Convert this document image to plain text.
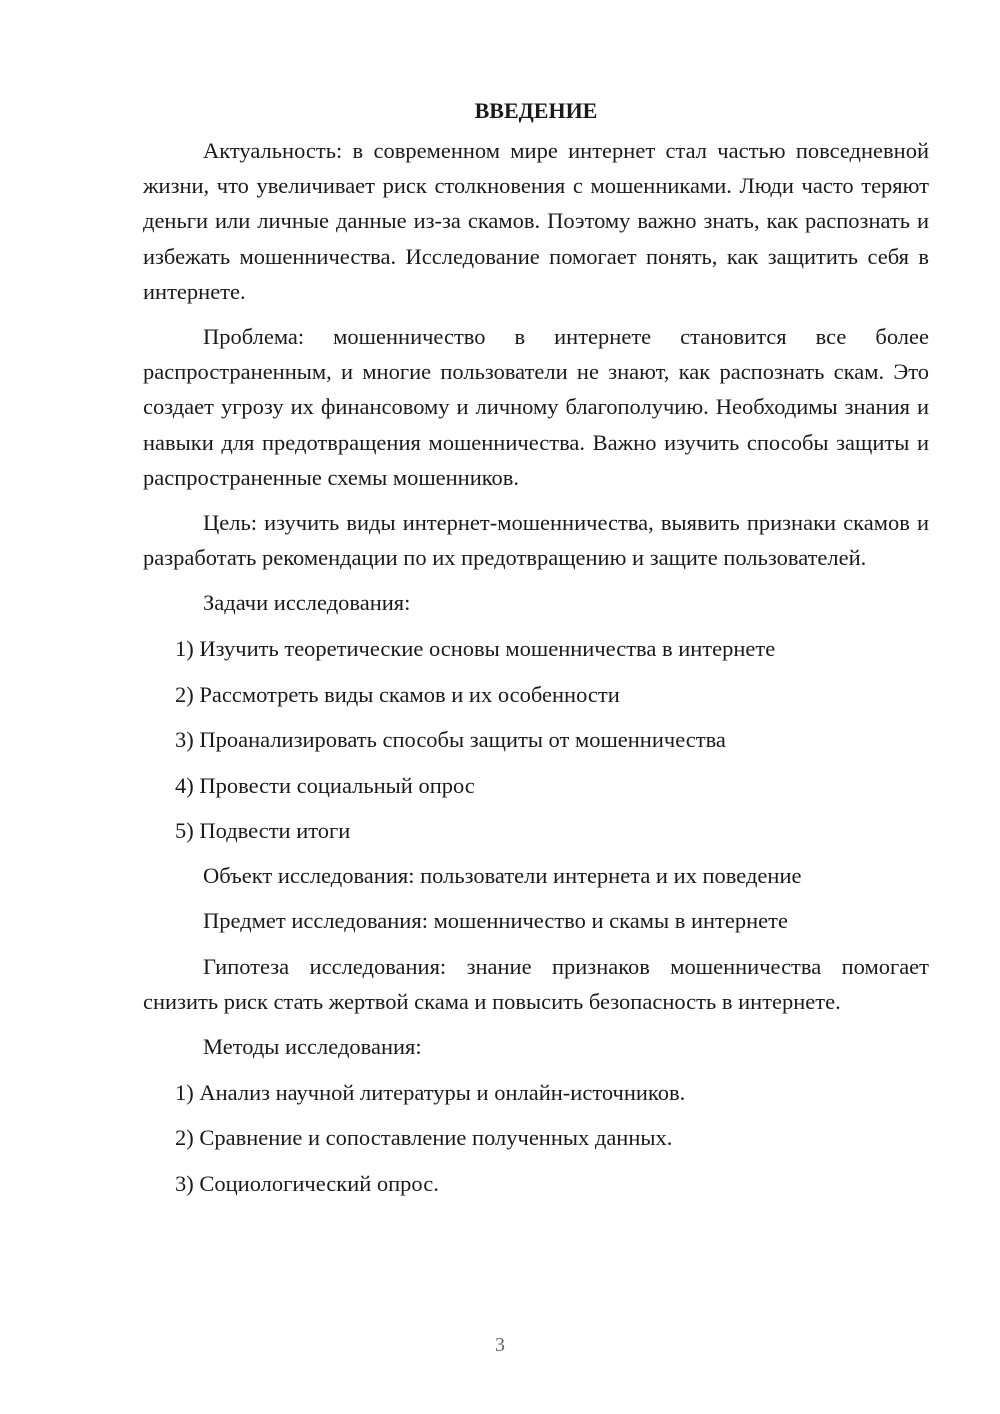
ВВЕДЕНИЕ

Актуальность: в современном мире интернет стал частью повседневной жизни, что увеличивает риск столкновения с мошенниками. Люди часто теряют деньги или личные данные из-за скамов. Поэтому важно знать, как распознать и избежать мошенничества. Исследование помогает понять, как защитить себя в интернете.

Проблема: мошенничество в интернете становится все более распространенным, и многие пользователи не знают, как распознать скам. Это создает угрозу их финансовому и личному благополучию. Необходимы знания и навыки для предотвращения мошенничества. Важно изучить способы защиты и распространенные схемы мошенников.

Цель: изучить виды интернет-мошенничества, выявить признаки скамов и разработать рекомендации по их предотвращению и защите пользователей.

Задачи исследования:

1) Изучить теоретические основы мошенничества в интернете
2) Рассмотреть виды скамов и их особенности
3) Проанализировать способы защиты от мошенничества
4) Провести социальный опрос
5) Подвести итоги

Объект исследования: пользователи интернета и их поведение

Предмет исследования: мошенничество и скамы в интернете

Гипотеза исследования: знание признаков мошенничества помогает снизить риск стать жертвой скама и повысить безопасность в интернете.

Методы исследования:

1) Анализ научной литературы и онлайн-источников.
2) Сравнение и сопоставление полученных данных.
3) Социологический опрос.
3
